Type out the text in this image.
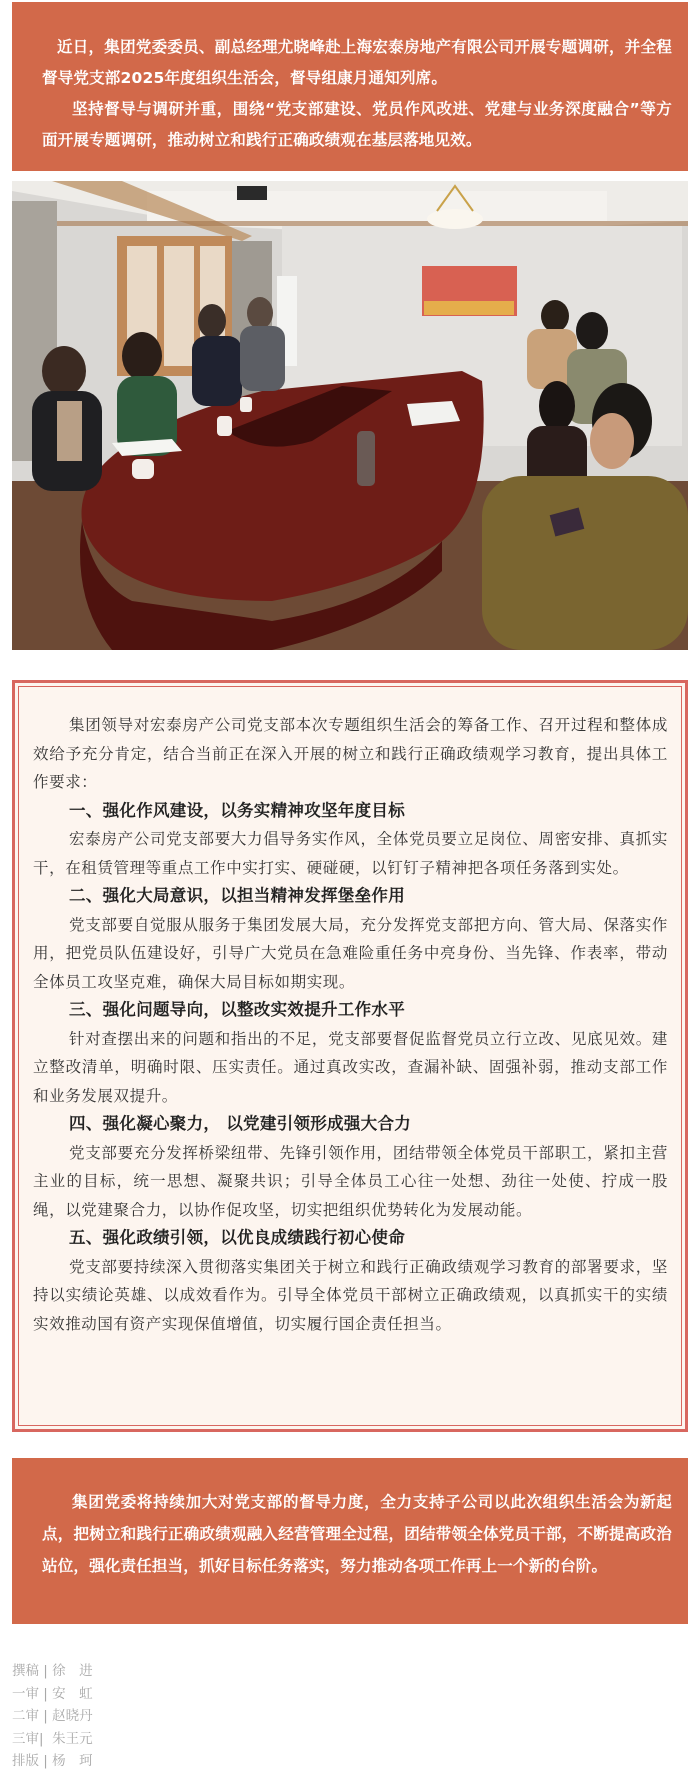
近日，集团党委委员、副总经理尤晓峰赴上海宏泰房地产有限公司开展专题调研，并全程督导党支部2025年度组织生活会，督导组康月通知列席。

坚持督导与调研并重，围绕“党支部建设、党员作风改进、党建与业务深度融合”等方面开展专题调研，推动树立和践行正确政绩观在基层落地见效。

集团领导对宏泰房产公司党支部本次专题组织生活会的筹备工作、召开过程和整体成效给予充分肯定，结合当前正在深入开展的树立和践行正确政绩观学习教育，提出具体工作要求：

一、强化作风建设，以务实精神攻坚年度目标

宏泰房产公司党支部要大力倡导务实作风，全体党员要立足岗位、周密安排、真抓实干，在租赁管理等重点工作中实打实、硬碰硬，以钉钉子精神把各项任务落到实处。

二、强化大局意识，以担当精神发挥堡垒作用

党支部要自觉服从服务于集团发展大局，充分发挥党支部把方向、管大局、保落实作用，把党员队伍建设好，引导广大党员在急难险重任务中亮身份、当先锋、作表率，带动全体员工攻坚克难，确保大局目标如期实现。

三、强化问题导向，以整改实效提升工作水平

针对查摆出来的问题和指出的不足，党支部要督促监督党员立行立改、见底见效。建立整改清单，明确时限、压实责任。通过真改实改，查漏补缺、固强补弱，推动支部工作和业务发展双提升。

四、强化凝心聚力， 以党建引领形成强大合力

党支部要充分发挥桥梁纽带、先锋引领作用，团结带领全体党员干部职工，紧扣主营主业的目标，统一思想、凝聚共识；引导全体员工心往一处想、劲往一处使、拧成一股绳，以党建聚合力，以协作促攻坚，切实把组织优势转化为发展动能。

五、强化政绩引领，以优良成绩践行初心使命

党支部要持续深入贯彻落实集团关于树立和践行正确政绩观学习教育的部署要求，坚持以实绩论英雄、以成效看作为。引导全体党员干部树立正确政绩观，以真抓实干的实绩实效推动国有资产实现保值增值，切实履行国企责任担当。

集团党委将持续加大对党支部的督导力度，全力支持子公司以此次组织生活会为新起点，把树立和践行正确政绩观融入经营管理全过程，团结带领全体党员干部，不断提高政治站位，强化责任担当，抓好目标任务落实，努力推动各项工作再上一个新的台阶。

撰稿 | 徐　进
一审 | 安　虹
二审 | 赵晓丹
三审|  朱王元
排版 | 杨　珂
